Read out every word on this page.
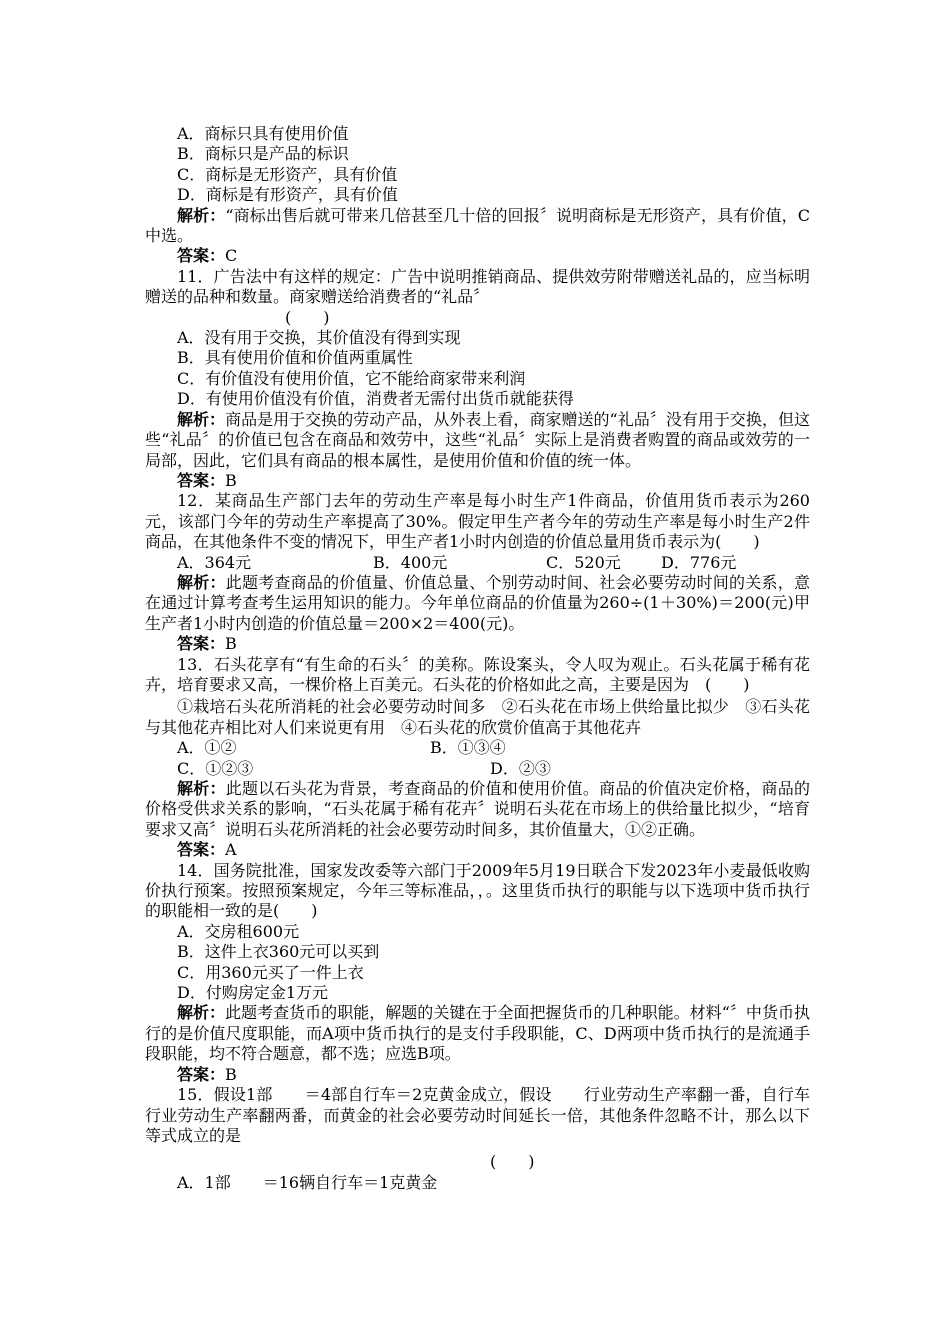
A．商标只具有使用价值

B．商标只是产品的标识

C．商标是无形资产，具有价值

D．商标是有形资产，具有价值

解析：“商标出售后就可带来几倍甚至几十倍的回报〞说明商标是无形资产，具有价值，C中选。

答案：C

11．广告法中有这样的规定：广告中说明推销商品、提供效劳附带赠送礼品的，应当标明赠送的品种和数量。商家赠送给消费者的“礼品〞

(　　)

A．没有用于交换，其价值没有得到实现

B．具有使用价值和价值两重属性

C．有价值没有使用价值，它不能给商家带来利润

D．有使用价值没有价值，消费者无需付出货币就能获得

解析：商品是用于交换的劳动产品，从外表上看，商家赠送的“礼品〞没有用于交换，但这些“礼品〞的价值已包含在商品和效劳中，这些“礼品〞实际上是消费者购置的商品或效劳的一局部，因此，它们具有商品的根本属性，是使用价值和价值的统一体。

答案：B

12．某商品生产部门去年的劳动生产率是每小时生产1件商品，价值用货币表示为260元，该部门今年的劳动生产率提高了30%。假定甲生产者今年的劳动生产率是每小时生产2件商品，在其他条件不变的情况下，甲生产者1小时内创造的价值总量用货币表示为(　　)

A．364元	B．400元	C．520元	D．776元

解析：此题考查商品的价值量、价值总量、个别劳动时间、社会必要劳动时间的关系，意在通过计算考查考生运用知识的能力。今年单位商品的价值量为260÷(1＋30%)＝200(元)甲生产者1小时内创造的价值总量＝200×2＝400(元)。

答案：B

13．石头花享有“有生命的石头〞的美称。陈设案头，令人叹为观止。石头花属于稀有花卉，培育要求又高，一棵价格上百美元。石头花的价格如此之高，主要是因为　(　　)

①栽培石头花所消耗的社会必要劳动时间多　②石头花在市场上供给量比拟少　③石头花与其他花卉相比对人们来说更有用　④石头花的欣赏价值高于其他花卉

A．①②	B．①③④
C．①②③	D．②③

解析：此题以石头花为背景，考查商品的价值和使用价值。商品的价值决定价格，商品的价格受供求关系的影响，“石头花属于稀有花卉〞说明石头花在市场上的供给量比拟少，“培育要求又高〞说明石头花所消耗的社会必要劳动时间多，其价值量大，①②正确。

答案：A

14．国务院批准，国家发改委等六部门于2009年5月19日联合下发2023年小麦最低收购价执行预案。按照预案规定，今年三等标准品，，。这里货币执行的职能与以下选项中货币执行的职能相一致的是(　　)

A．交房租600元

B．这件上衣360元可以买到

C．用360元买了一件上衣

D．付购房定金1万元

解析：此题考查货币的职能，解题的关键在于全面把握货币的几种职能。材料“〞中货币执行的是价值尺度职能，而A项中货币执行的是支付手段职能，C、D两项中货币执行的是流通手段职能，均不符合题意，都不选；应选B项。

答案：B

15．假设1部　　＝4部自行车＝2克黄金成立，假设　　行业劳动生产率翻一番，自行车行业劳动生产率翻两番，而黄金的社会必要劳动时间延长一倍，其他条件忽略不计，那么以下等式成立的是

(　　)

A．1部　　＝16辆自行车＝1克黄金
